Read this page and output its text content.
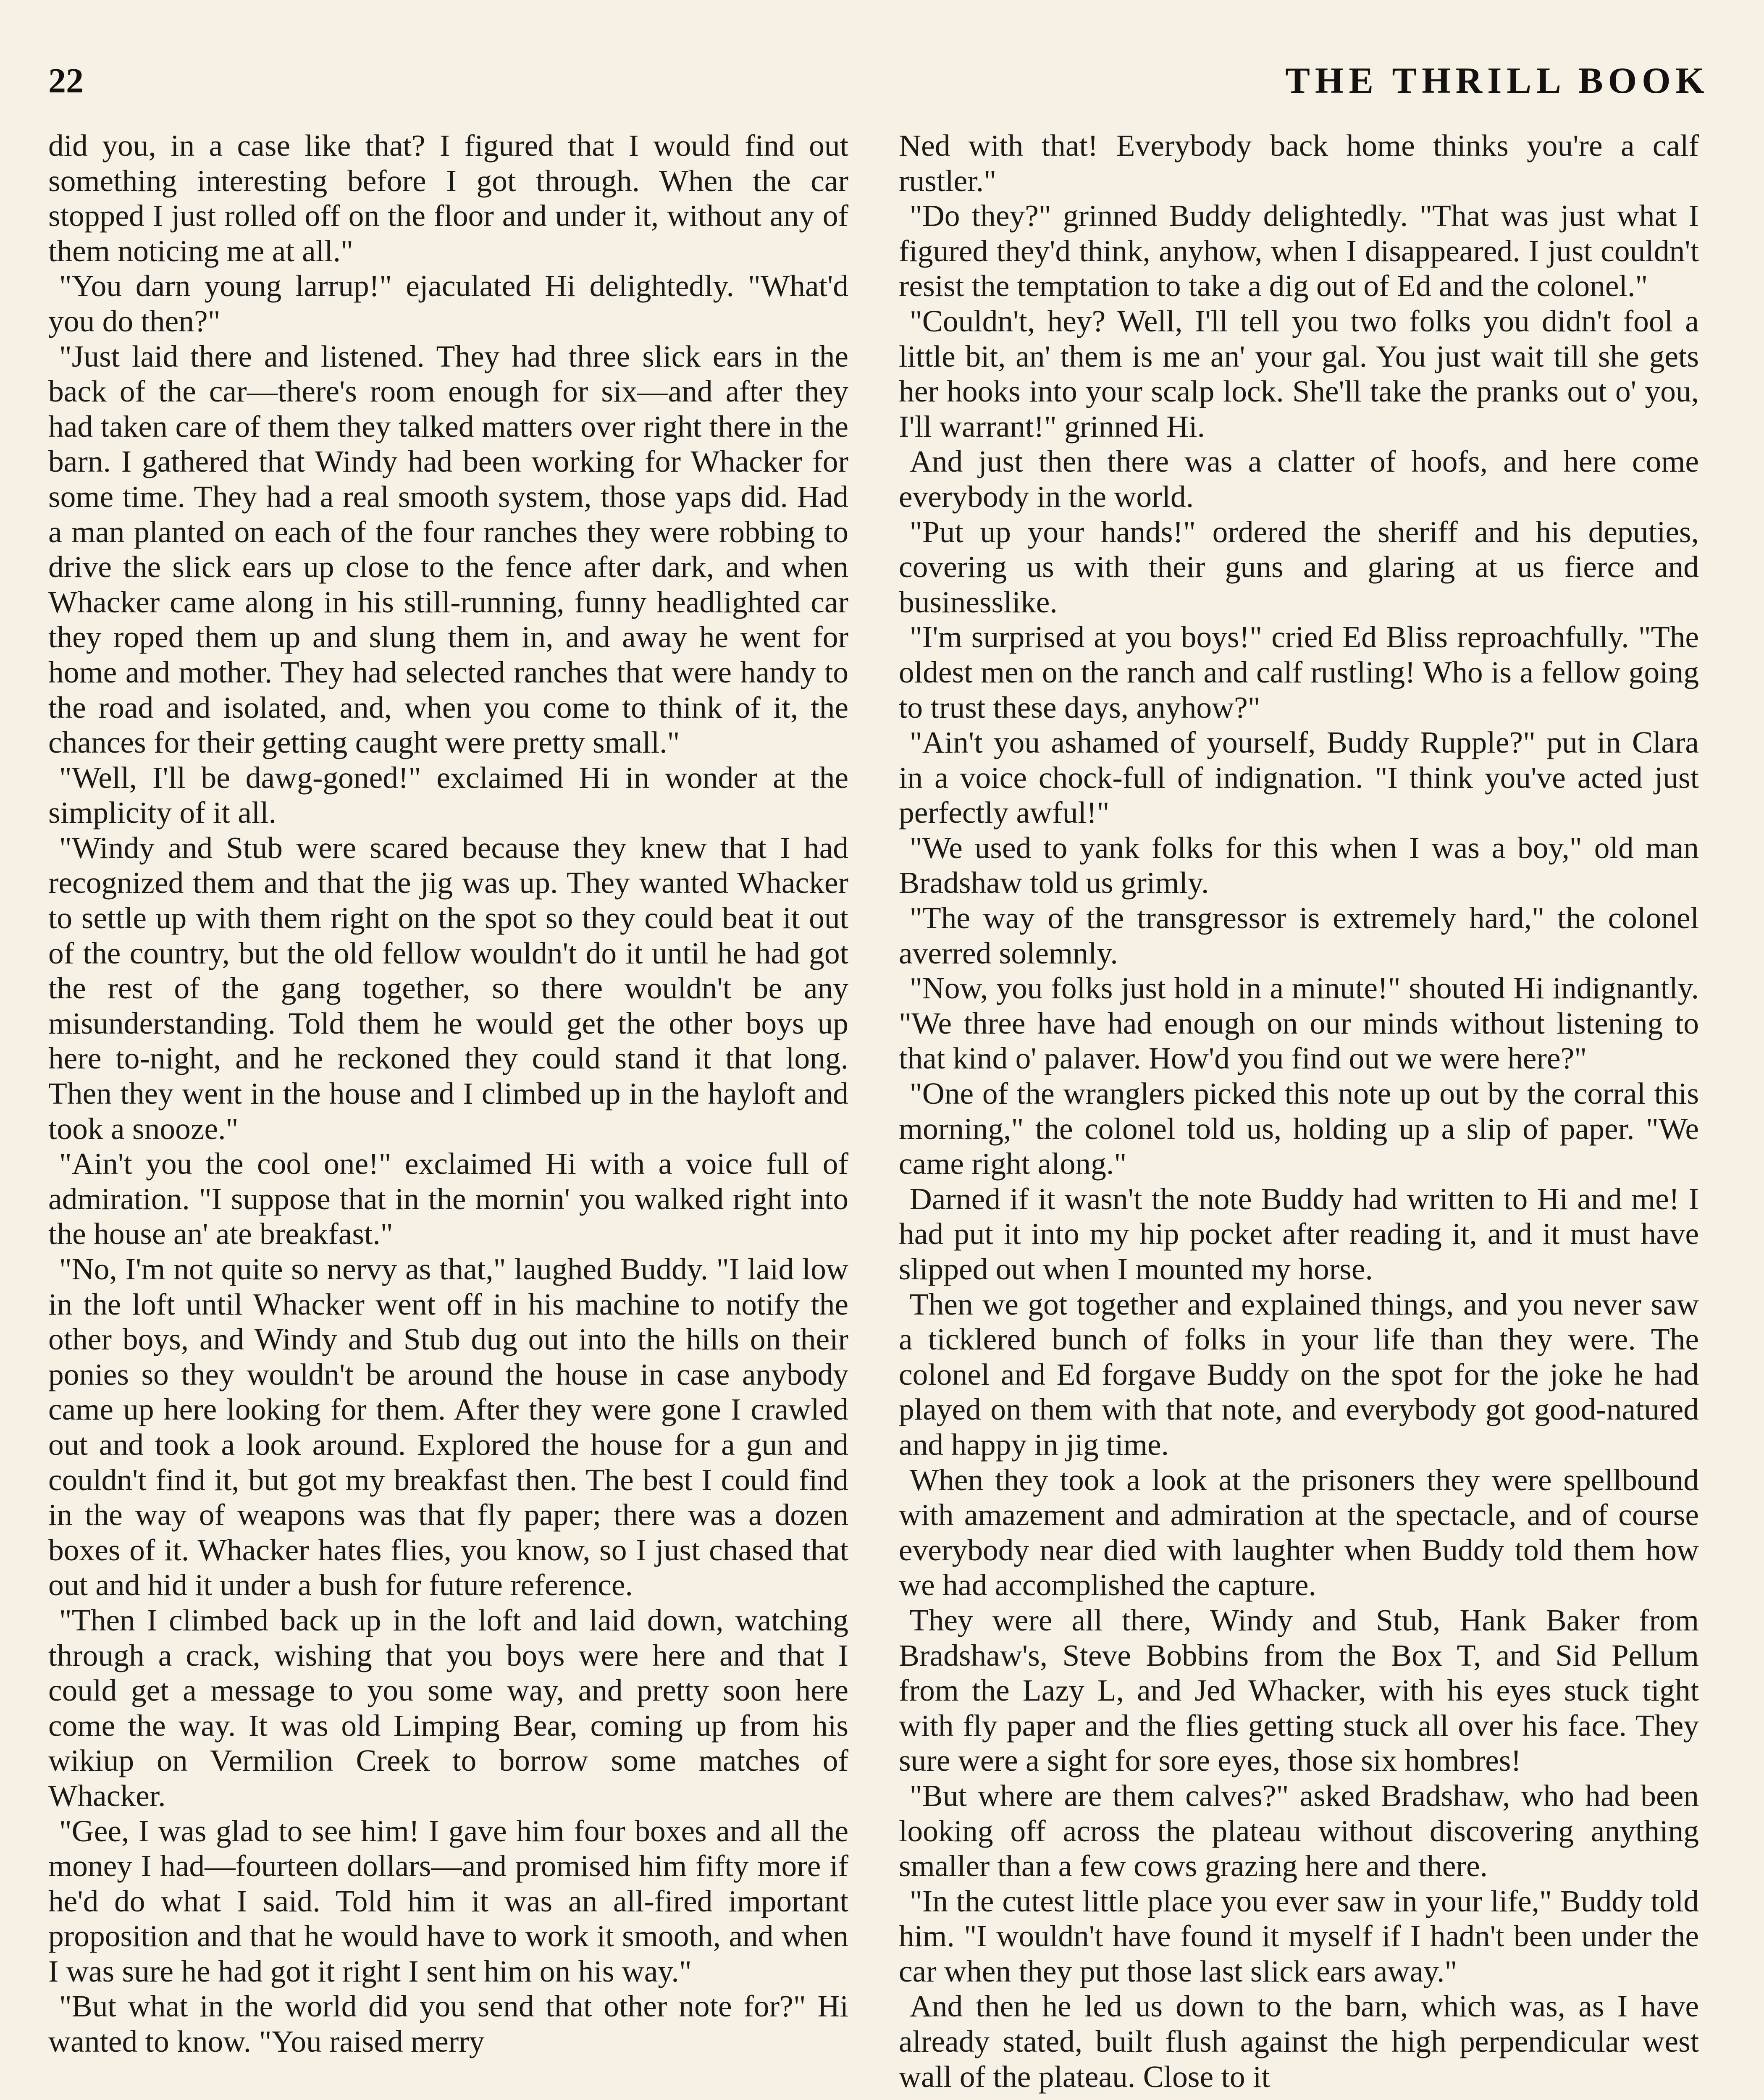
22	THE THRILL BOOK

did you, in a case like that? I figured that I would find out something interesting before I got through. When the car stopped I just rolled off on the floor and under it, without any of them noticing me at all."

"You darn young larrup!" ejaculated Hi delightedly. "What'd you do then?"

"Just laid there and listened. They had three slick ears in the back of the car—there's room enough for six—and after they had taken care of them they talked matters over right there in the barn. I gathered that Windy had been working for Whacker for some time. They had a real smooth system, those yaps did. Had a man planted on each of the four ranches they were robbing to drive the slick ears up close to the fence after dark, and when Whacker came along in his still-running, funny headlighted car they roped them up and slung them in, and away he went for home and mother. They had selected ranches that were handy to the road and isolated, and, when you come to think of it, the chances for their getting caught were pretty small."

"Well, I'll be dawg-goned!" exclaimed Hi in wonder at the simplicity of it all.

"Windy and Stub were scared because they knew that I had recognized them and that the jig was up. They wanted Whacker to settle up with them right on the spot so they could beat it out of the country, but the old fellow wouldn't do it until he had got the rest of the gang together, so there wouldn't be any misunderstanding. Told them he would get the other boys up here to-night, and he reckoned they could stand it that long. Then they went in the house and I climbed up in the hayloft and took a snooze."

"Ain't you the cool one!" exclaimed Hi with a voice full of admiration. "I suppose that in the mornin' you walked right into the house an' ate breakfast."

"No, I'm not quite so nervy as that," laughed Buddy. "I laid low in the loft until Whacker went off in his machine to notify the other boys, and Windy and Stub dug out into the hills on their ponies so they wouldn't be around the house in case anybody came up here looking for them. After they were gone I crawled out and took a look around. Explored the house for a gun and couldn't find it, but got my breakfast then. The best I could find in the way of weapons was that fly paper; there was a dozen boxes of it. Whacker hates flies, you know, so I just chased that out and hid it under a bush for future reference.

"Then I climbed back up in the loft and laid down, watching through a crack, wishing that you boys were here and that I could get a message to you some way, and pretty soon here come the way. It was old Limping Bear, coming up from his wikiup on Vermilion Creek to borrow some matches of Whacker.

"Gee, I was glad to see him! I gave him four boxes and all the money I had—fourteen dollars—and promised him fifty more if he'd do what I said. Told him it was an all-fired important proposition and that he would have to work it smooth, and when I was sure he had got it right I sent him on his way."

"But what in the world did you send that other note for?" Hi wanted to know. "You raised merry

Ned with that! Everybody back home thinks you're a calf rustler."

"Do they?" grinned Buddy delightedly. "That was just what I figured they'd think, anyhow, when I disappeared. I just couldn't resist the temptation to take a dig out of Ed and the colonel."

"Couldn't, hey? Well, I'll tell you two folks you didn't fool a little bit, an' them is me an' your gal. You just wait till she gets her hooks into your scalp lock. She'll take the pranks out o' you, I'll warrant!" grinned Hi.

And just then there was a clatter of hoofs, and here come everybody in the world.

"Put up your hands!" ordered the sheriff and his deputies, covering us with their guns and glaring at us fierce and businesslike.

"I'm surprised at you boys!" cried Ed Bliss reproachfully. "The oldest men on the ranch and calf rustling! Who is a fellow going to trust these days, anyhow?"

"Ain't you ashamed of yourself, Buddy Rupple?" put in Clara in a voice chock-full of indignation. "I think you've acted just perfectly awful!"

"We used to yank folks for this when I was a boy," old man Bradshaw told us grimly.

"The way of the transgressor is extremely hard," the colonel averred solemnly.

"Now, you folks just hold in a minute!" shouted Hi indignantly. "We three have had enough on our minds without listening to that kind o' palaver. How'd you find out we were here?"

"One of the wranglers picked this note up out by the corral this morning," the colonel told us, holding up a slip of paper. "We came right along."

Darned if it wasn't the note Buddy had written to Hi and me! I had put it into my hip pocket after reading it, and it must have slipped out when I mounted my horse.

Then we got together and explained things, and you never saw a ticklered bunch of folks in your life than they were. The colonel and Ed forgave Buddy on the spot for the joke he had played on them with that note, and everybody got good-natured and happy in jig time.

When they took a look at the prisoners they were spellbound with amazement and admiration at the spectacle, and of course everybody near died with laughter when Buddy told them how we had accomplished the capture.

They were all there, Windy and Stub, Hank Baker from Bradshaw's, Steve Bobbins from the Box T, and Sid Pellum from the Lazy L, and Jed Whacker, with his eyes stuck tight with fly paper and the flies getting stuck all over his face. They sure were a sight for sore eyes, those six hombres!

"But where are them calves?" asked Bradshaw, who had been looking off across the plateau without discovering anything smaller than a few cows grazing here and there.

"In the cutest little place you ever saw in your life," Buddy told him. "I wouldn't have found it myself if I hadn't been under the car when they put those last slick ears away."

And then he led us down to the barn, which was, as I have already stated, built flush against the high perpendicular west wall of the plateau. Close to it
